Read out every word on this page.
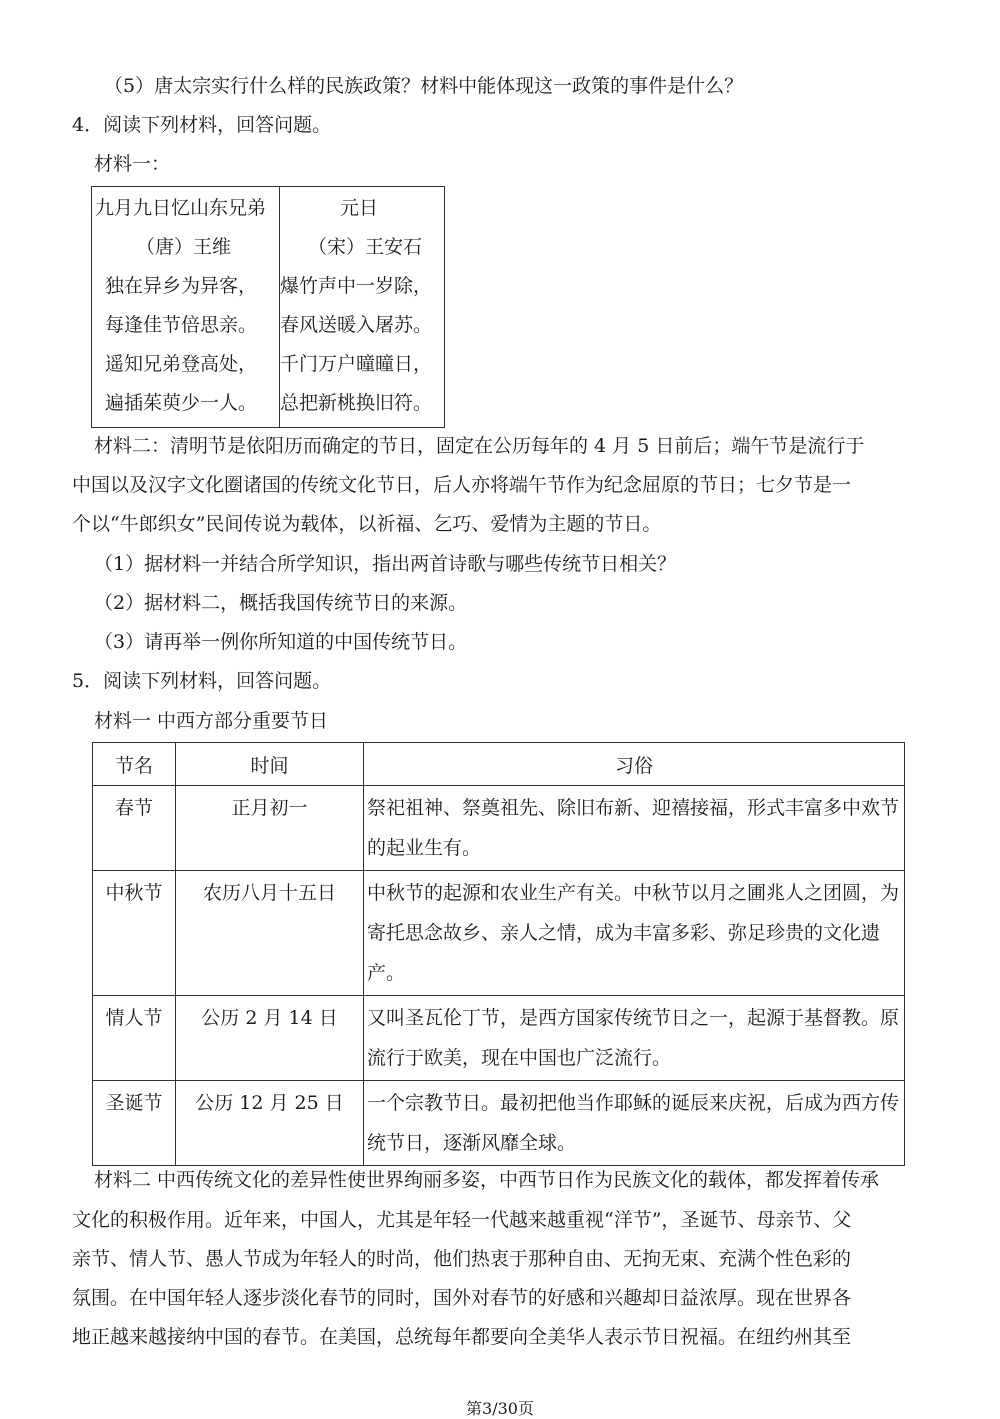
（5）唐太宗实行什么样的民族政策？材料中能体现这一政策的事件是什么？
4．阅读下列材料，回答问题。
材料一：
九月九日忆山东兄弟
（唐）王维
独在异乡为异客，
每逢佳节倍思亲。
遥知兄弟登高处，
遍插茱萸少一人。

元日
（宋）王安石
爆竹声中一岁除，
春风送暖入屠苏。
千门万户曈曈日，
总把新桃换旧符。
材料二：清明节是依阳历而确定的节日，固定在公历每年的 4 月 5 日前后；端午节是流行于
中国以及汉字文化圈诸国的传统文化节日，后人亦将端午节作为纪念屈原的节日；七夕节是一
个以“牛郎织女”民间传说为载体，以祈福、乞巧、爱情为主题的节日。
（1）据材料一并结合所学知识，指出两首诗歌与哪些传统节日相关？
（2）据材料二，概括我国传统节日的来源。
（3）请再举一例你所知道的中国传统节日。
5．阅读下列材料，回答问题。
材料一 中西方部分重要节日
节名	时间	习俗
春节	正月初一	祭祀祖神、祭奠祖先、除旧布新、迎禧接福，形式丰富多中欢节的起业生有。
中秋节	农历八月十五日	中秋节的起源和农业生产有关。中秋节以月之圃兆人之团圆，为寄托思念故乡、亲人之情，成为丰富多彩、弥足珍贵的文化遗产。
情人节	公历 2 月 14 日	又叫圣瓦伦丁节，是西方国家传统节日之一，起源于基督教。原流行于欧美，现在中国也广泛流行。
圣诞节	公历 12 月 25 日	一个宗教节日。最初把他当作耶稣的诞辰来庆祝，后成为西方传统节日，逐渐风靡全球。
材料二 中西传统文化的差异性使世界绚丽多姿，中西节日作为民族文化的载体，都发挥着传承
文化的积极作用。近年来，中国人，尤其是年轻一代越来越重视“洋节”，圣诞节、母亲节、父
亲节、情人节、愚人节成为年轻人的时尚，他们热衷于那种自由、无拘无束、充满个性色彩的
氛围。在中国年轻人逐步淡化春节的同时，国外对春节的好感和兴趣却日益浓厚。现在世界各
地正越来越接纳中国的春节。在美国，总统每年都要向全美华人表示节日祝福。在纽约州其至
第3/30页
